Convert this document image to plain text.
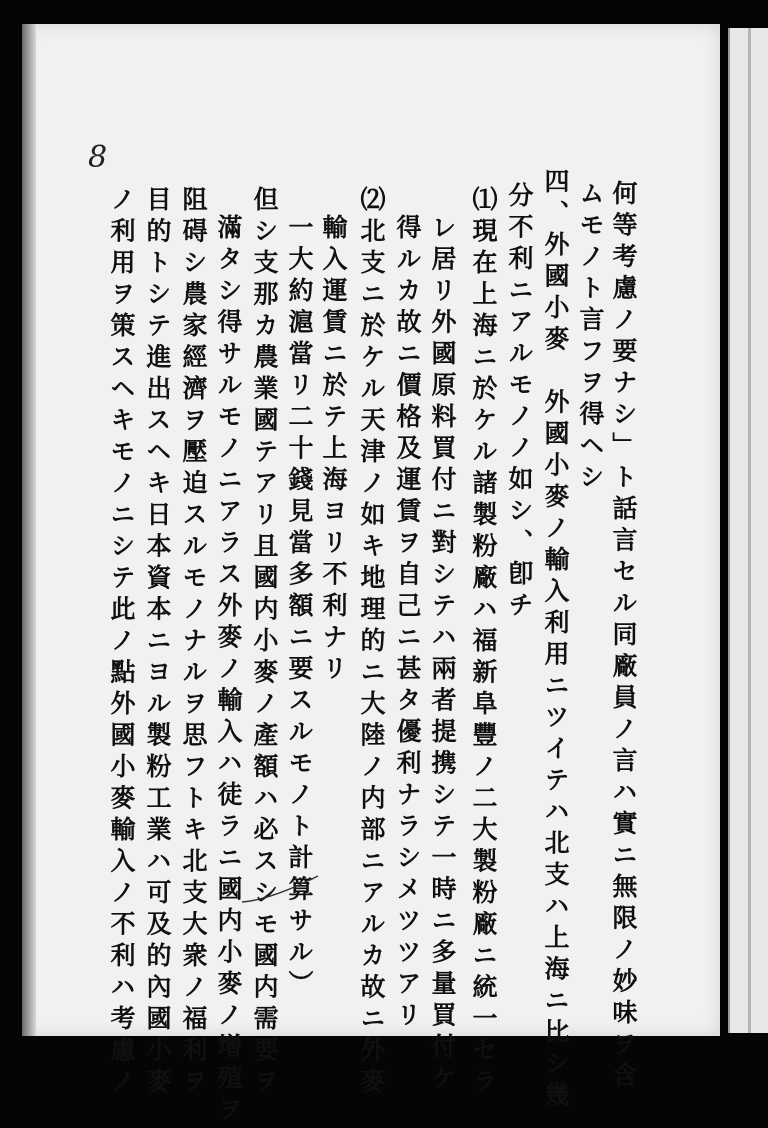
8
何等考慮ノ要ナシ」ト話言セル同廠員ノ言ハ實ニ無限ノ妙味ヲ含
ムモノト言フヲ得ヘシ
四、外國小麥　外國小麥ノ輸入利用ニツイテハ北支ハ上海ニ比シ幾
分不利ニアルモノノ如シ、卽チ
⑴現在上海ニ於ケル諸製粉廠ハ福新阜豐ノ二大製粉廠ニ統一セラ
レ居リ外國原料買付ニ對シテハ兩者提携シテ一時ニ多量買付ケ
得ルカ故ニ價格及運賃ヲ自己ニ甚タ優利ナラシメツツアリ
⑵北支ニ於ケル天津ノ如キ地理的ニ大陸ノ内部ニアルカ故ニ外麥
輸入運賃ニ於テ上海ヨリ不利ナリ
一大約滬當リ二十錢見當多額ニ要スルモノト計算サル）
但シ支那カ農業國テアリ且國内小麥ノ產額ハ必スシモ國内需要ヲ
滿タシ得サルモノニアラス外麥ノ輸入ハ徒ラニ國内小麥ノ增殖ヲ
阻碍シ農家經濟ヲ壓迫スルモノナルヲ思フトキ北支大衆ノ福利ヲ
目的トシテ進出スヘキ日本資本ニヨル製粉工業ハ可及的內國小麥
ノ利用ヲ策スヘキモノニシテ此ノ點外國小麥輸入ノ不利ハ考慮ノ
